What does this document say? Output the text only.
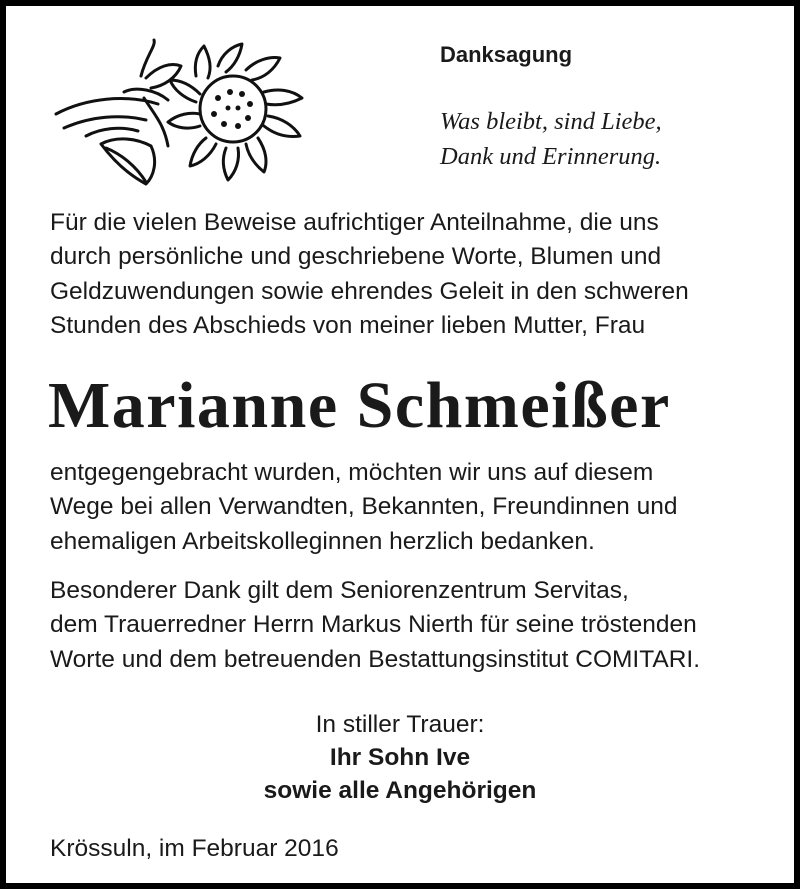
Danksagung

Was bleibt, sind Liebe,
Dank und Erinnerung.

Für die vielen Beweise aufrichtiger Anteilnahme, die uns
durch persönliche und geschriebene Worte, Blumen und
Geldzuwendungen sowie ehrendes Geleit in den schweren
Stunden des Abschieds von meiner lieben Mutter, Frau

Marianne Schmeißer

entgegengebracht wurden, möchten wir uns auf diesem
Wege bei allen Verwandten, Bekannten, Freundinnen und
ehemaligen Arbeitskolleginnen herzlich bedanken.

Besonderer Dank gilt dem Seniorenzentrum Servitas,
dem Trauerredner Herrn Markus Nierth für seine tröstenden
Worte und dem betreuenden Bestattungsinstitut COMITARI.

In stiller Trauer:
Ihr Sohn Ive
sowie alle Angehörigen

Krössuln, im Februar 2016
